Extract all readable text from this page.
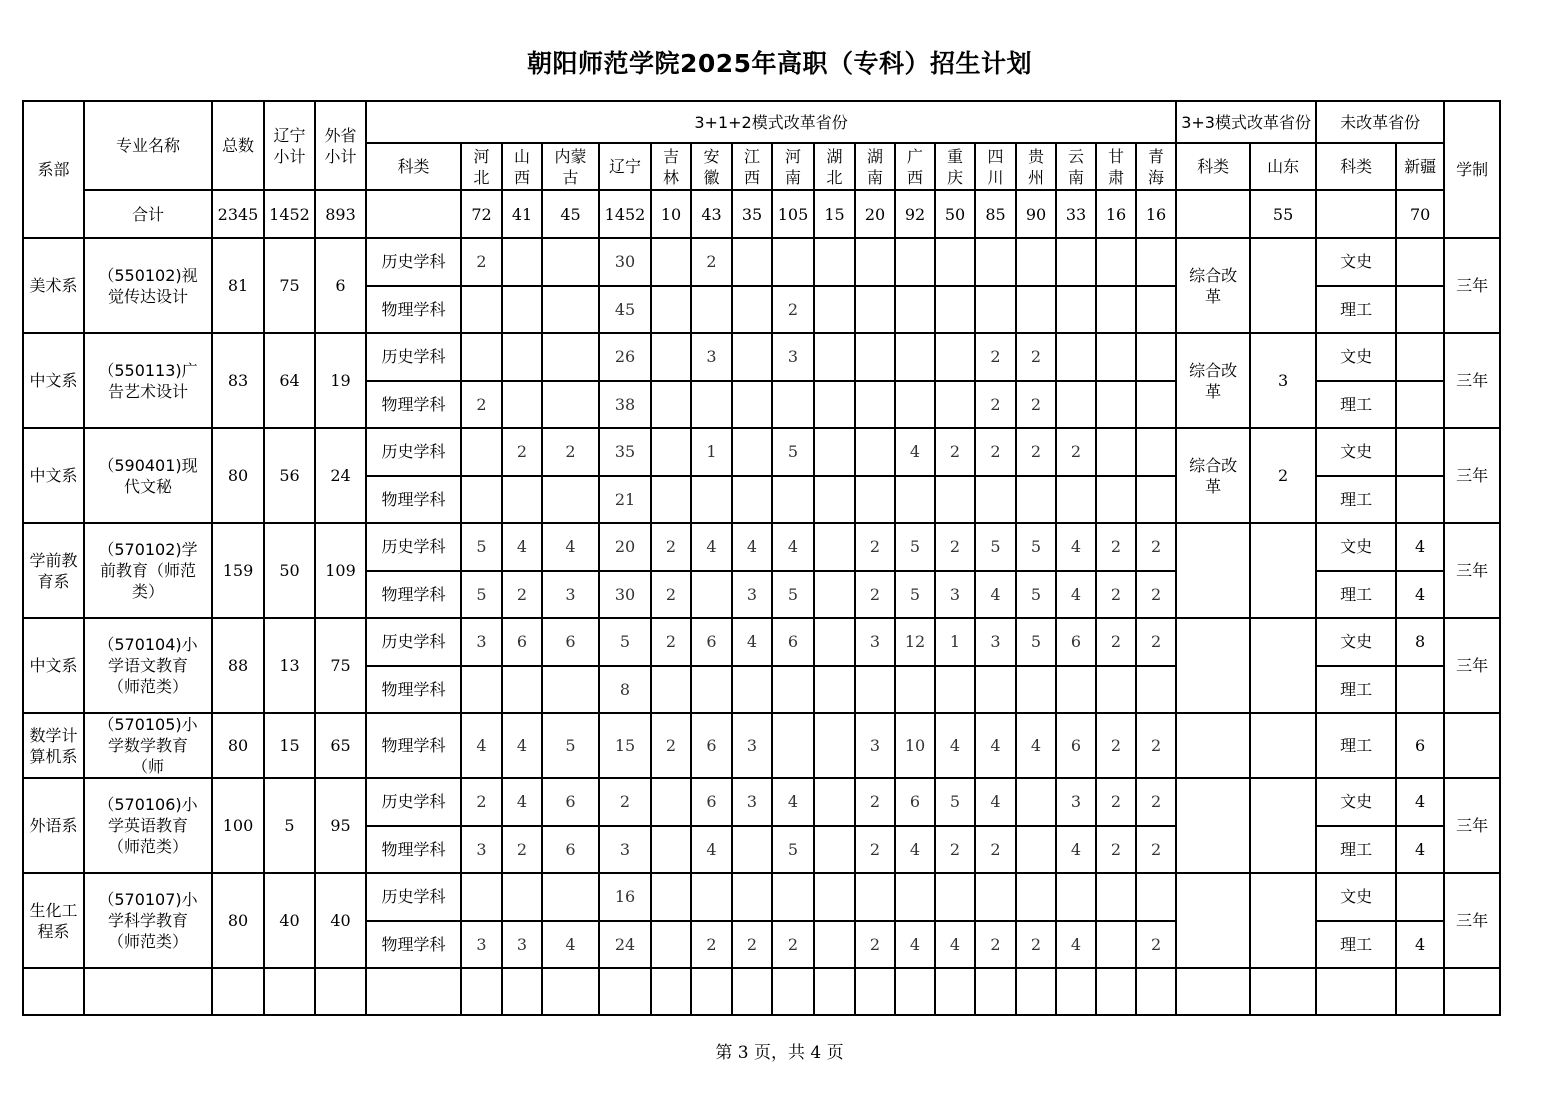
朝阳师范学院2025年高职（专科）招生计划
系部	专业名称	总数	辽宁小计	外省小计	3+1+2模式改革省份																		3+3模式改革省份		未改革省份		学制
					科类	河北	山西	内蒙古	辽宁	吉林	安徽	江西	河南	湖北	湖南	广西	重庆	四川	贵州	云南	甘肃	青海	科类	山东	科类	新疆	
	合计	2345	1452	893		72	41	45	1452	10	43	35	105	15	20	92	50	85	90	33	16	16		55		70	
美术系	（550102)视觉传达设计	81	75	6	历史学科	2			30		2												综合改革		文史		三年
					物理学科				45				2												理工		
中文系	（550113)广告艺术设计	83	64	19	历史学科				26		3		3					2	2				综合改革	3	文史		三年
					物理学科	2			38									2	2						理工		
中文系	（590401)现代文秘	80	56	24	历史学科		2	2	35		1		5			4	2	2	2	2			综合改革	2	文史		三年
					物理学科				21																理工		
学前教育系	（570102)学前教育（师范类）	159	50	109	历史学科	5	4	4	20	2	4	4	4		2	5	2	5	5	4	2	2			文史	4	三年
					物理学科	5	2	3	30	2		3	5		2	5	3	4	5	4	2	2			理工	4	
中文系	（570104)小学语文教育（师范类）	88	13	75	历史学科	3	6	6	5	2	6	4	6		3	12	1	3	5	6	2	2			文史	8	三年
					物理学科				8																理工		
数学计算机系	（570105)小学数学教育（师	80	15	65	物理学科	4	4	5	15	2	6	3			3	10	4	4	4	6	2	2			理工	6	
外语系	（570106)小学英语教育（师范类）	100	5	95	历史学科	2	4	6	2		6	3	4		2	6	5	4		3	2	2			文史	4	三年
					物理学科	3	2	6	3		4		5		2	4	2	2		4	2	2			理工	4	
生化工程系	（570107)小学科学教育（师范类）	80	40	40	历史学科				16																文史		三年
					物理学科	3	3	4	24		2	2	2		2	4	4	2	2	4		2			理工	4	

第 3 页，共 4 页
